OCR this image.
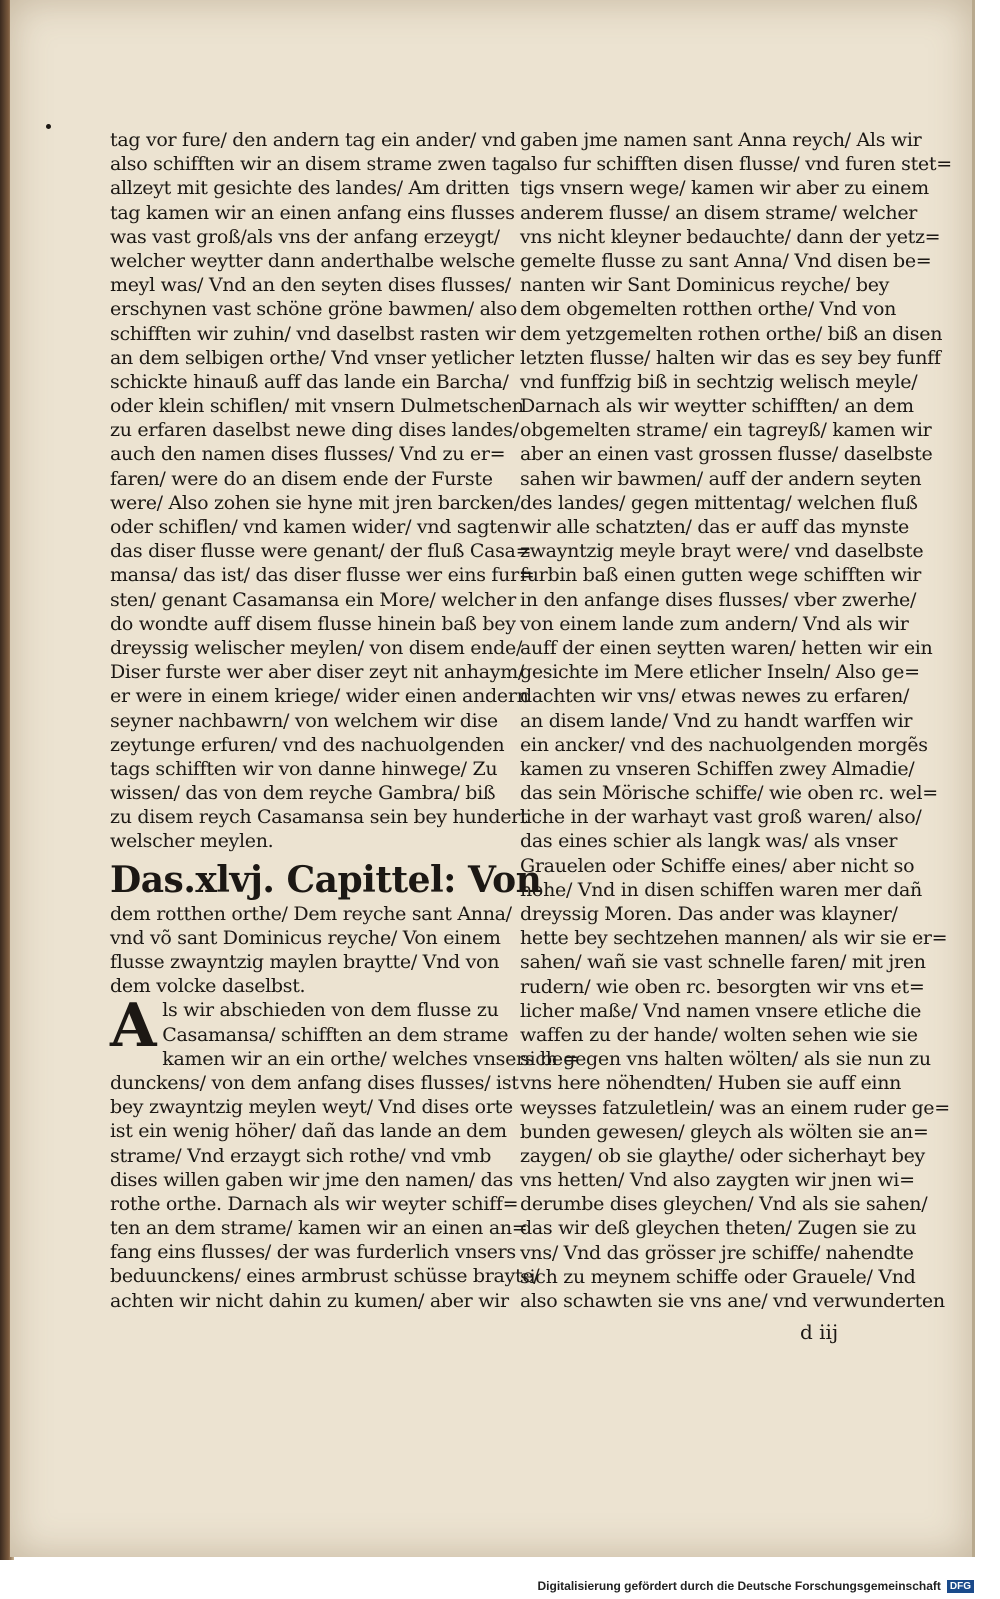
tag vor fure/ den andern tag ein ander/ vnd
also schifften wir an disem strame zwen tag
allzeyt mit gesichte des landes/ Am dritten
tag kamen wir an einen anfang eins flusses
was vast groß/als vns der anfang erzeygt/
welcher weytter dann anderthalbe welsche
meyl was/ Vnd an den seyten dises flusses/
erschynen vast schöne gröne bawmen/ also
schifften wir zuhin/ vnd daselbst rasten wir
an dem selbigen orthe/ Vnd vnser yetlicher
schickte hinauß auff das lande ein Barcha/
oder klein schiflen/ mit vnsern Dulmetschen
zu erfaren daselbst newe ding dises landes/
auch den namen dises flusses/ Vnd zu er=
faren/ were do an disem ende der Furste
were/ Also zohen sie hyne mit jren barcken/
oder schiflen/ vnd kamen wider/ vnd sagten
das diser flusse were genant/ der fluß Casa=
mansa/ das ist/ das diser flusse wer eins fur=
sten/ genant Casamansa ein More/ welcher
do wondte auff disem flusse hinein baß bey
dreyssig welischer meylen/ von disem ende/
Diser furste wer aber diser zeyt nit anhaym/
er were in einem kriege/ wider einen andern
seyner nachbawrn/ von welchem wir dise
zeytunge erfuren/ vnd des nachuolgenden
tags schifften wir von danne hinwege/ Zu
wissen/ das von dem reyche Gambra/ biß
zu disem reych Casamansa sein bey hundert
welscher meylen.
Das.xlvj. Capittel: Von
dem rotthen orthe/ Dem reyche sant Anna/
vnd võ sant Dominicus reyche/ Von einem
flusse zwayntzig maylen braytte/ Vnd von
dem volcke daselbst.
A ls wir abschieden von dem flusse zu
Casamansa/ schifften an dem strame
kamen wir an ein orthe/ welches vnsers be=
dunckens/ von dem anfang dises flusses/ ist
bey zwayntzig meylen weyt/ Vnd dises orte
ist ein wenig höher/ dañ das lande an dem
strame/ Vnd erzaygt sich rothe/ vnd vmb
dises willen gaben wir jme den namen/ das
rothe orthe. Darnach als wir weyter schiff=
ten an dem strame/ kamen wir an einen an=
fang eins flusses/ der was furderlich vnsers
beduunckens/ eines armbrust schüsse brayte/
achten wir nicht dahin zu kumen/ aber wir
gaben jme namen sant Anna reych/ Als wir
also fur schifften disen flusse/ vnd furen stet=
tigs vnsern wege/ kamen wir aber zu einem
anderem flusse/ an disem strame/ welcher
vns nicht kleyner bedauchte/ dann der yetz=
gemelte flusse zu sant Anna/ Vnd disen be=
nanten wir Sant Dominicus reyche/ bey
dem obgemelten rotthen orthe/ Vnd von
dem yetzgemelten rothen orthe/ biß an disen
letzten flusse/ halten wir das es sey bey funff
vnd funffzig biß in sechtzig welisch meyle/
Darnach als wir weytter schifften/ an dem
obgemelten strame/ ein tagreyß/ kamen wir
aber an einen vast grossen flusse/ daselbste
sahen wir bawmen/ auff der andern seyten
des landes/ gegen mittentag/ welchen fluß
wir alle schatzten/ das er auff das mynste
zwayntzig meyle brayt were/ vnd daselbste
furbin baß einen gutten wege schifften wir
in den anfange dises flusses/ vber zwerhe/
von einem lande zum andern/ Vnd als wir
auff der einen seytten waren/ hetten wir ein
gesichte im Mere etlicher Inseln/ Also ge=
dachten wir vns/ etwas newes zu erfaren/
an disem lande/ Vnd zu handt warffen wir
ein ancker/ vnd des nachuolgenden morgẽs
kamen zu vnseren Schiffen zwey Almadie/
das sein Mörische schiffe/ wie oben rc. wel=
liche in der warhayt vast groß waren/ also/
das eines schier als langk was/ als vnser
Grauelen oder Schiffe eines/ aber nicht so
hohe/ Vnd in disen schiffen waren mer dañ
dreyssig Moren. Das ander was klayner/
hette bey sechtzehen mannen/ als wir sie er=
sahen/ wañ sie vast schnelle faren/ mit jren
rudern/ wie oben rc. besorgten wir vns et=
licher maße/ Vnd namen vnsere etliche die
waffen zu der hande/ wolten sehen wie sie
sich gegen vns halten wölten/ als sie nun zu
vns here nöhendten/ Huben sie auff einn
weysses fatzuletlein/ was an einem ruder ge=
bunden gewesen/ gleych als wölten sie an=
zaygen/ ob sie glaythe/ oder sicherhayt bey
vns hetten/ Vnd also zaygten wir jnen wi=
derumbe dises gleychen/ Vnd als sie sahen/
das wir deß gleychen theten/ Zugen sie zu
vns/ Vnd das grösser jre schiffe/ nahendte
sich zu meynem schiffe oder Grauele/ Vnd
also schawten sie vns ane/ vnd verwunderten
d iij
Digitalisierung gefördert durch die Deutsche Forschungsgemeinschaft DFG
